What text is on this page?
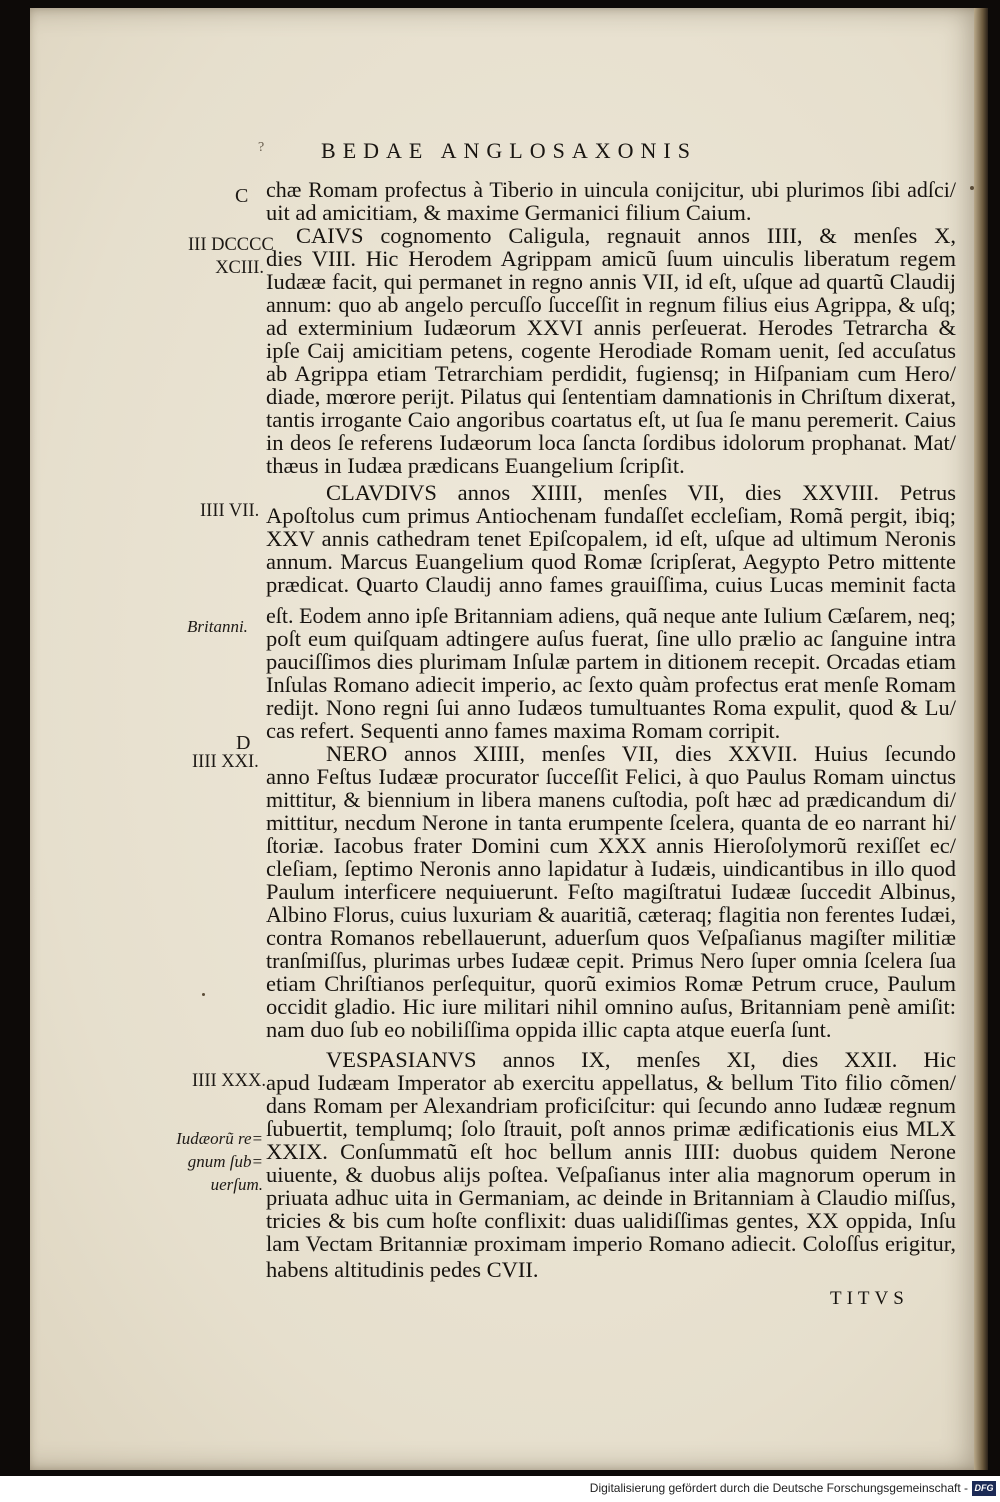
? BEDAE ANGLOSAXONIS
C
D
III DCCCC
XCIII.
IIII VII.
Britanni.
IIII XXI.
IIII XXX.
Iudæorũ re=
gnum ſub=
uerſum.
chæ Romam profectus à Tiberio in uincula conijcitur, ubi plurimos ſibi adſci/
uit ad amicitiam, & maxime Germanici filium Caium.
CAIVS cognomento Caligula, regnauit annos IIII, & menſes X,
dies VIII. Hic Herodem Agrippam amicũ ſuum uinculis liberatum regem
Iudææ facit, qui permanet in regno annis VII, id eſt, uſque ad quartũ Claudij
annum: quo ab angelo percuſſo ſucceſſit in regnum filius eius Agrippa, & uſq;
ad exterminium Iudæorum XXVI annis perſeuerat. Herodes Tetrarcha &
ipſe Caij amicitiam petens, cogente Herodiade Romam uenit, ſed accuſatus
ab Agrippa etiam Tetrarchiam perdidit, fugiensq; in Hiſpaniam cum Hero/
diade, mœrore perijt. Pilatus qui ſententiam damnationis in Chriſtum dixerat,
tantis irrogante Caio angoribus coartatus eſt, ut ſua ſe manu peremerit. Caius
in deos ſe referens Iudæorum loca ſancta ſordibus idolorum prophanat. Mat/
thæus in Iudæa prædicans Euangelium ſcripſit.
CLAVDIVS annos XIIII, menſes VII, dies XXVIII. Petrus
Apoſtolus cum primus Antiochenam fundaſſet eccleſiam, Romã pergit, ibiq;
XXV annis cathedram tenet Epiſcopalem, id eſt, uſque ad ultimum Neronis
annum. Marcus Euangelium quod Romæ ſcripſerat, Aegypto Petro mittente
prædicat. Quarto Claudij anno fames grauiſſima, cuius Lucas meminit facta
eſt. Eodem anno ipſe Britanniam adiens, quã neque ante Iulium Cæſarem, neq;
poſt eum quiſquam adtingere auſus fuerat, ſine ullo prælio ac ſanguine intra
pauciſſimos dies plurimam Inſulæ partem in ditionem recepit. Orcadas etiam
Inſulas Romano adiecit imperio, ac ſexto quàm profectus erat menſe Romam
redijt. Nono regni ſui anno Iudæos tumultuantes Roma expulit, quod & Lu/
cas refert. Sequenti anno fames maxima Romam corripit.
NERO annos XIIII, menſes VII, dies XXVII. Huius ſecundo
anno Feſtus Iudææ procurator ſucceſſit Felici, à quo Paulus Romam uinctus
mittitur, & biennium in libera manens cuſtodia, poſt hæc ad prædicandum di/
mittitur, necdum Nerone in tanta erumpente ſcelera, quanta de eo narrant hi/
ſtoriæ. Iacobus frater Domini cum XXX annis Hieroſolymorũ rexiſſet ec/
cleſiam, ſeptimo Neronis anno lapidatur à Iudæis, uindicantibus in illo quod
Paulum interficere nequiuerunt. Feſto magiſtratui Iudææ ſuccedit Albinus,
Albino Florus, cuius luxuriam & auaritiã, cæteraq; flagitia non ferentes Iudæi,
contra Romanos rebellauerunt, aduerſum quos Veſpaſianus magiſter militiæ
tranſmiſſus, plurimas urbes Iudææ cepit. Primus Nero ſuper omnia ſcelera ſua
etiam Chriſtianos perſequitur, quorũ eximios Romæ Petrum cruce, Paulum
occidit gladio. Hic iure militari nihil omnino auſus, Britanniam penè amiſit:
nam duo ſub eo nobiliſſima oppida illic capta atque euerſa ſunt.
VESPASIANVS annos IX, menſes XI, dies XXII. Hic
apud Iudæam Imperator ab exercitu appellatus, & bellum Tito filio cõmen/
dans Romam per Alexandriam proficiſcitur: qui ſecundo anno Iudææ regnum
ſubuertit, templumq; ſolo ſtrauit, poſt annos primæ ædificationis eius MLX
XXIX. Conſummatũ eſt hoc bellum annis IIII: duobus quidem Nerone
uiuente, & duobus alijs poſtea. Veſpaſianus inter alia magnorum operum in
priuata adhuc uita in Germaniam, ac deinde in Britanniam à Claudio miſſus,
tricies & bis cum hoſte conflixit: duas ualidiſſimas gentes, XX oppida, Inſu
lam Vectam Britanniæ proximam imperio Romano adiecit. Coloſſus erigitur,
habens altitudinis pedes CVII.
TITVS
Digitalisierung gefördert durch die Deutsche Forschungsgemeinschaft - DFG
